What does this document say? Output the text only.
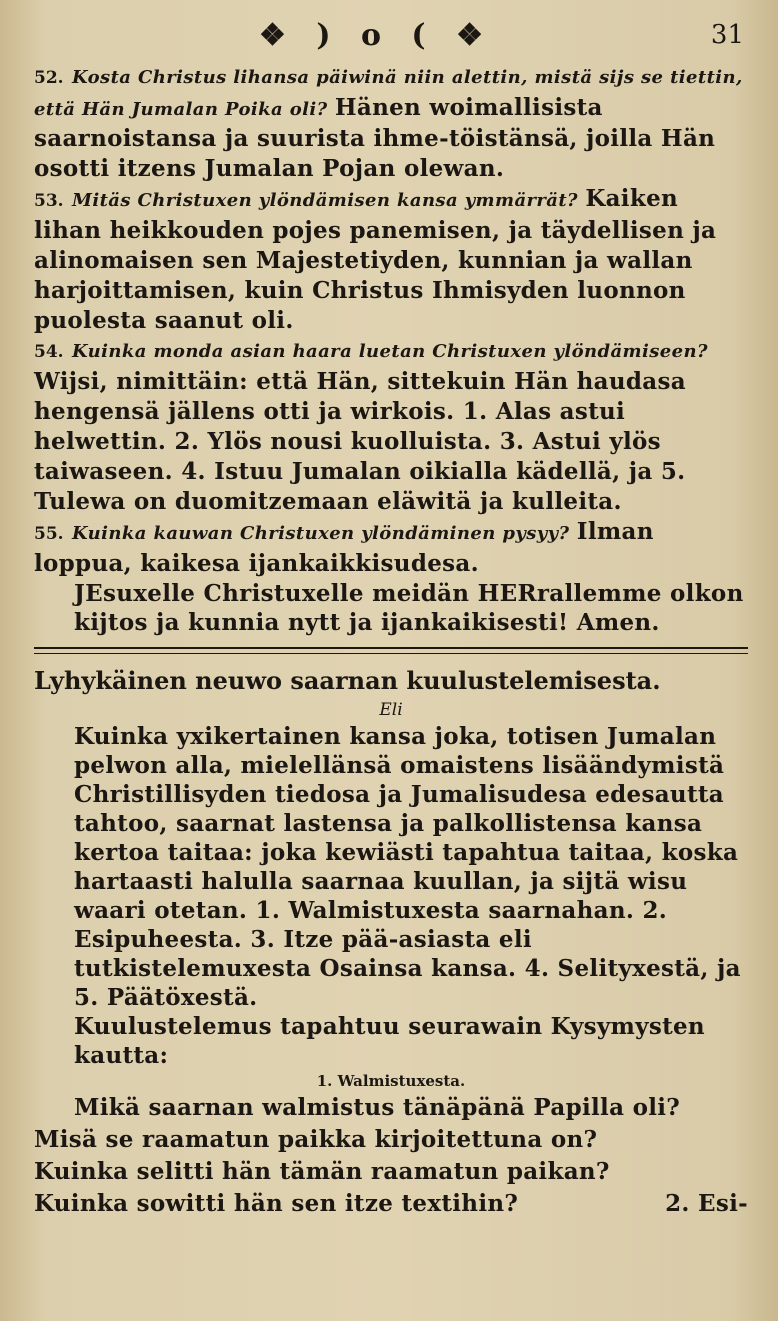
❖ ) o ( ❖	31

52. Kosta Christus lihansa päiwinä niin alettin, mistä sijs se tiettin, että Hän Jumalan Poika oli? Hänen woimallisista saarnoistansa ja suurista ihme-töistänsä, joilla Hän osotti itzens Jumalan Pojan olewan.

53. Mitäs Christuxen ylöndämisen kansa ymmärrät? Kaiken lihan heikkouden pojes panemisen, ja täydellisen ja alinomaisen sen Majestetiyden, kunnian ja wallan harjoittamisen, kuin Christus Ihmisyden luonnon puolesta saanut oli.

54. Kuinka monda asian haara luetan Christuxen ylöndämiseen? Wijsi, nimittäin: että Hän, sittekuin Hän haudasa hengensä jällens otti ja wirkois. 1. Alas astui helwettin. 2. Ylös nousi kuolluista. 3. Astui ylös taiwaseen. 4. Istuu Jumalan oikialla kädellä, ja 5. Tulewa on duomitzemaan eläwitä ja kulleita.

55. Kuinka kauwan Christuxen ylöndäminen pysyy? Ilman loppua, kaikesa ijankaikkisudesa.

JEsuxelle Christuxelle meidän HERrallemme olkon kijtos ja kunnia nytt ja ijankaikisesti! Amen.

Lyhykäinen neuwo saarnan kuulustelemisesta.
Eli

Kuinka yxikertainen kansa joka, totisen Jumalan pelwon alla, mielellänsä omaistens lisäändymistä Christillisyden tiedosa ja Jumalisudesa edesautta tahtoo, saarnat lastensa ja palkollistensa kansa kertoa taitaa: joka kewiästi tapahtua taitaa, koska hartaasti halulla saarnaa kuullan, ja sijtä wisu waari otetan. 1. Walmistuxesta saarnahan. 2. Esipuheesta. 3. Itze pää-asiasta eli tutkistelemuxesta Osainsa kansa. 4. Selityxestä, ja 5. Päätöxestä.

Kuulustelemus tapahtuu seurawain Kysymysten kautta:

1. Walmistuxesta.

Mikä saarnan walmistus tänäpänä Papilla oli?

Misä se raamatun paikka kirjoitettuna on?

Kuinka selitti hän tämän raamatun paikan?

Kuinka sowitti hän sen itze textihin?	2. Esi-
